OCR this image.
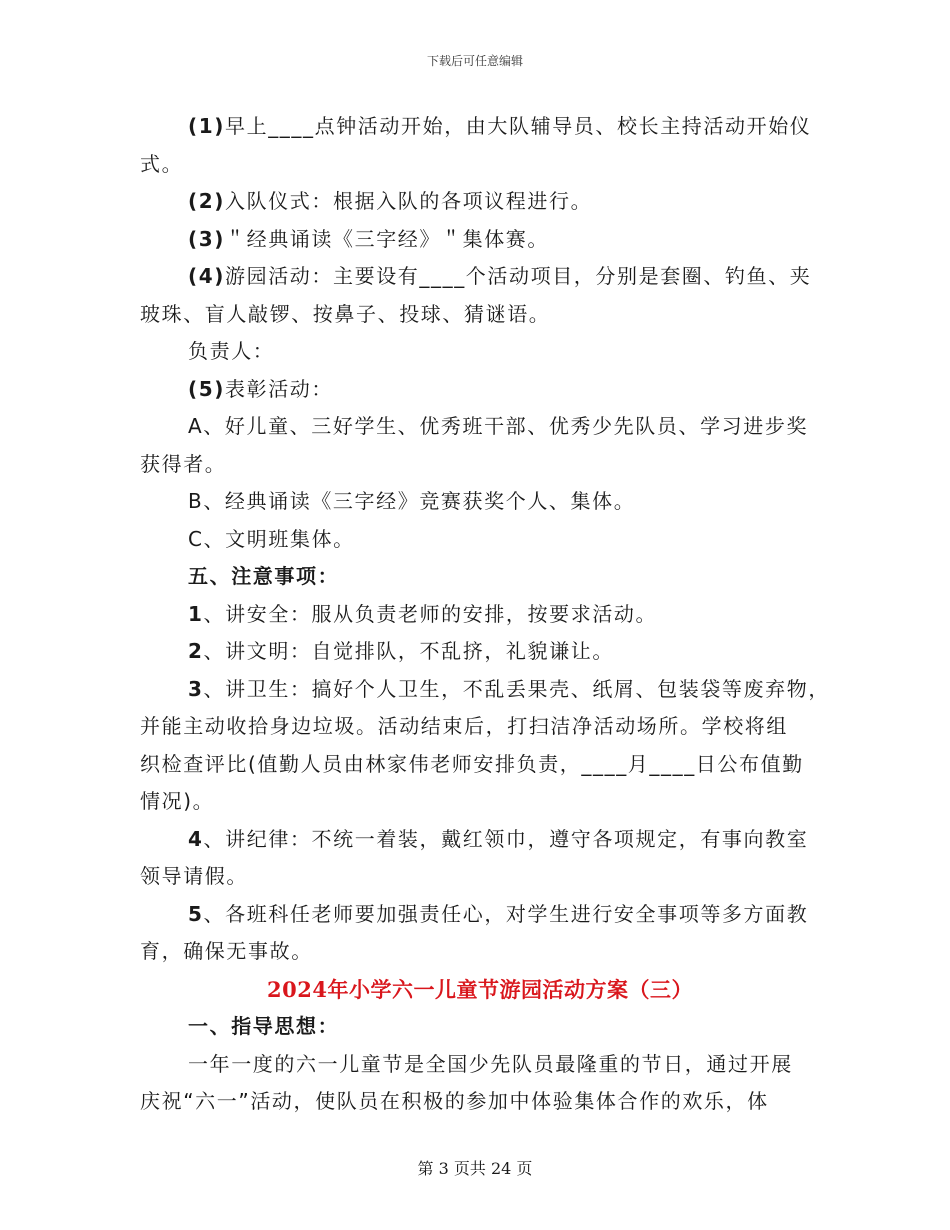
下载后可任意编辑
(1)早上____点钟活动开始，由大队辅导员、校长主持活动开始仪
式。
(2)入队仪式：根据入队的各项议程进行。
(3)＂经典诵读《三字经》＂集体赛。
(4)游园活动：主要设有____个活动项目，分别是套圈、钓鱼、夹
玻珠、盲人敲锣、按鼻子、投球、猜谜语。
负责人：
(5)表彰活动：
A、好儿童、三好学生、优秀班干部、优秀少先队员、学习进步奖
获得者。
B、经典诵读《三字经》竞赛获奖个人、集体。
C、文明班集体。
五、注意事项：
1、讲安全：服从负责老师的安排，按要求活动。
2、讲文明：自觉排队，不乱挤，礼貌谦让。
3、讲卫生：搞好个人卫生，不乱丢果壳、纸屑、包装袋等废弃物，
并能主动收拾身边垃圾。活动结束后，打扫洁净活动场所。学校将组
织检查评比(值勤人员由林家伟老师安排负责，____月____日公布值勤
情况)。
4、讲纪律：不统一着装，戴红领巾，遵守各项规定，有事向教室
领导请假。
5、各班科任老师要加强责任心，对学生进行安全事项等多方面教
育，确保无事故。
2024年小学六一儿童节游园活动方案（三）
一、指导思想：
一年一度的六一儿童节是全国少先队员最隆重的节日，通过开展
庆祝“六一”活动，使队员在积极的参加中体验集体合作的欢乐，体
第 3 页共 24 页
